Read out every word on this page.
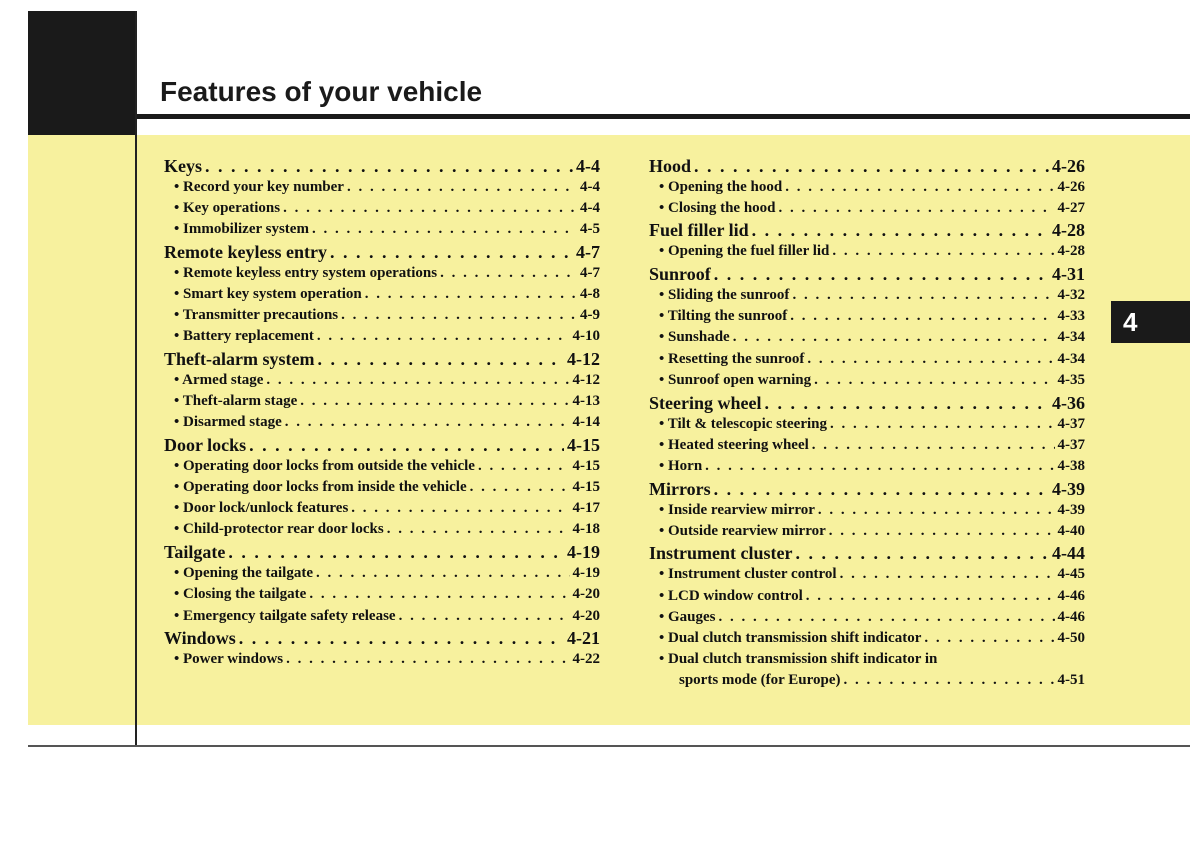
Features of your vehicle
4
Keys . . .	4-4
• Record your key number . . .	4-4
• Key operations . . .	4-4
• Immobilizer system . . .	4-5
Remote keyless entry . . .	4-7
• Remote keyless entry system operations . . .	4-7
• Smart key system operation . . .	4-8
• Transmitter precautions . . .	4-9
• Battery replacement . . .	4-10
Theft-alarm system . . .	4-12
• Armed stage . . .	4-12
• Theft-alarm stage . . .	4-13
• Disarmed stage . . .	4-14
Door locks . . .	4-15
• Operating door locks from outside the vehicle . . .	4-15
• Operating door locks from inside the vehicle . . .	4-15
• Door lock/unlock features . . .	4-17
• Child-protector rear door locks . . .	4-18
Tailgate . . .	4-19
• Opening the tailgate . . .	4-19
• Closing the tailgate . . .	4-20
• Emergency tailgate safety release . . .	4-20
Windows . . .	4-21
• Power windows . . .	4-22
Hood . . .	4-26
• Opening the hood . . .	4-26
• Closing the hood . . .	4-27
Fuel filler lid . . .	4-28
• Opening the fuel filler lid . . .	4-28
Sunroof . . .	4-31
• Sliding the sunroof . . .	4-32
• Tilting the sunroof . . .	4-33
• Sunshade . . .	4-34
• Resetting the sunroof . . .	4-34
• Sunroof open warning . . .	4-35
Steering wheel . . .	4-36
• Tilt & telescopic steering . . .	4-37
• Heated steering wheel . . .	4-37
• Horn . . .	4-38
Mirrors . . .	4-39
• Inside rearview mirror . . .	4-39
• Outside rearview mirror . . .	4-40
Instrument cluster . . .	4-44
• Instrument cluster control . . .	4-45
• LCD window control . . .	4-46
• Gauges . . .	4-46
• Dual clutch transmission shift indicator . . .	4-50
• Dual clutch transmission shift indicator in
sports mode (for Europe) . . .	4-51
